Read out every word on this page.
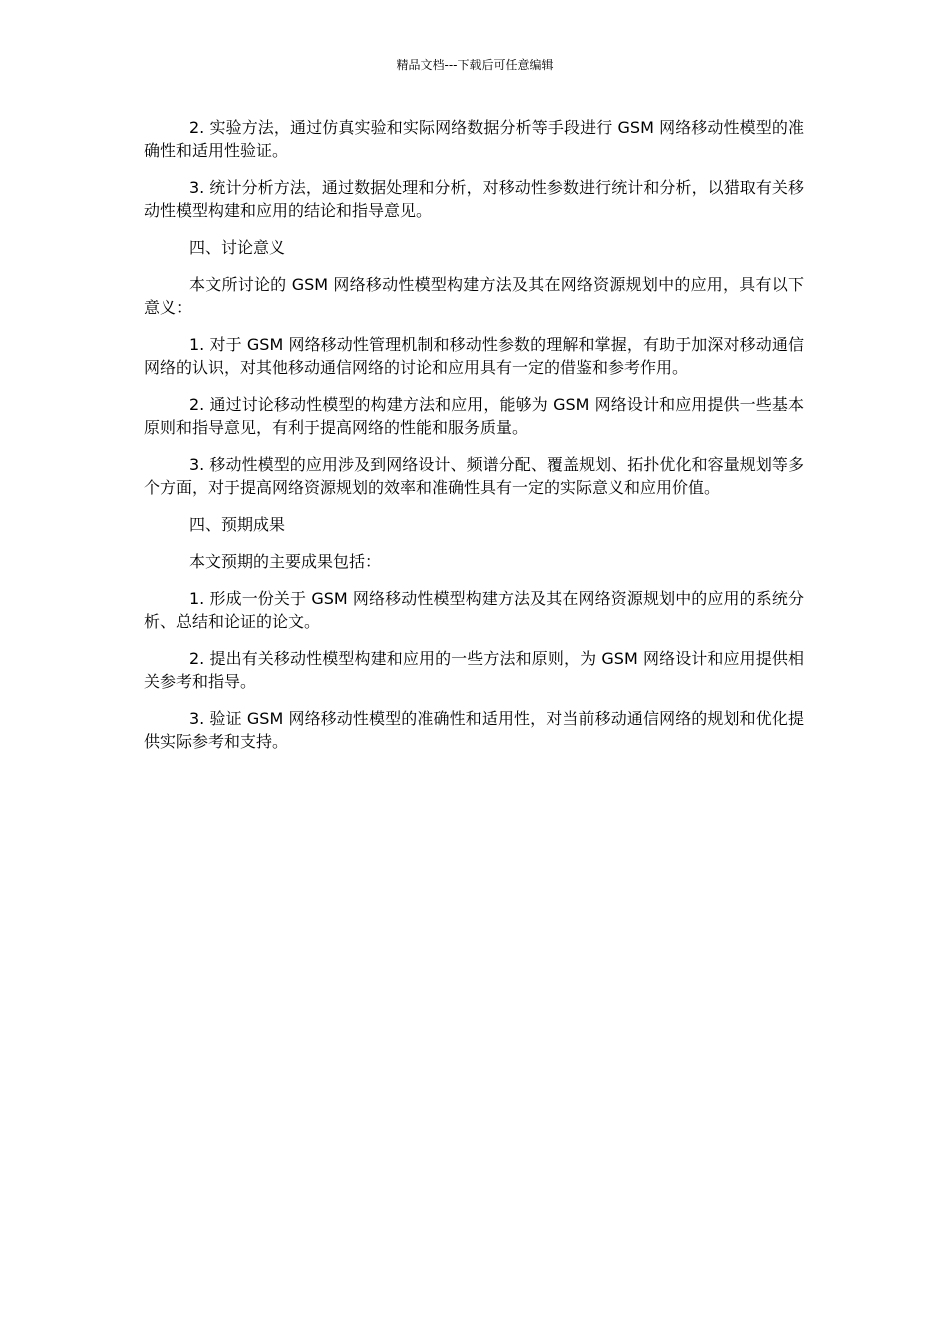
精品文档---下载后可任意编辑

2. 实验方法，通过仿真实验和实际网络数据分析等手段进行 GSM 网络移动性模型的准确性和适用性验证。

3. 统计分析方法，通过数据处理和分析，对移动性参数进行统计和分析，以猎取有关移动性模型构建和应用的结论和指导意见。

四、讨论意义

本文所讨论的 GSM 网络移动性模型构建方法及其在网络资源规划中的应用，具有以下意义：

1. 对于 GSM 网络移动性管理机制和移动性参数的理解和掌握，有助于加深对移动通信网络的认识，对其他移动通信网络的讨论和应用具有一定的借鉴和参考作用。

2. 通过讨论移动性模型的构建方法和应用，能够为 GSM 网络设计和应用提供一些基本原则和指导意见，有利于提高网络的性能和服务质量。

3. 移动性模型的应用涉及到网络设计、频谱分配、覆盖规划、拓扑优化和容量规划等多个方面，对于提高网络资源规划的效率和准确性具有一定的实际意义和应用价值。

四、预期成果

本文预期的主要成果包括：

1. 形成一份关于 GSM 网络移动性模型构建方法及其在网络资源规划中的应用的系统分析、总结和论证的论文。

2. 提出有关移动性模型构建和应用的一些方法和原则，为 GSM 网络设计和应用提供相关参考和指导。

3. 验证 GSM 网络移动性模型的准确性和适用性，对当前移动通信网络的规划和优化提供实际参考和支持。
